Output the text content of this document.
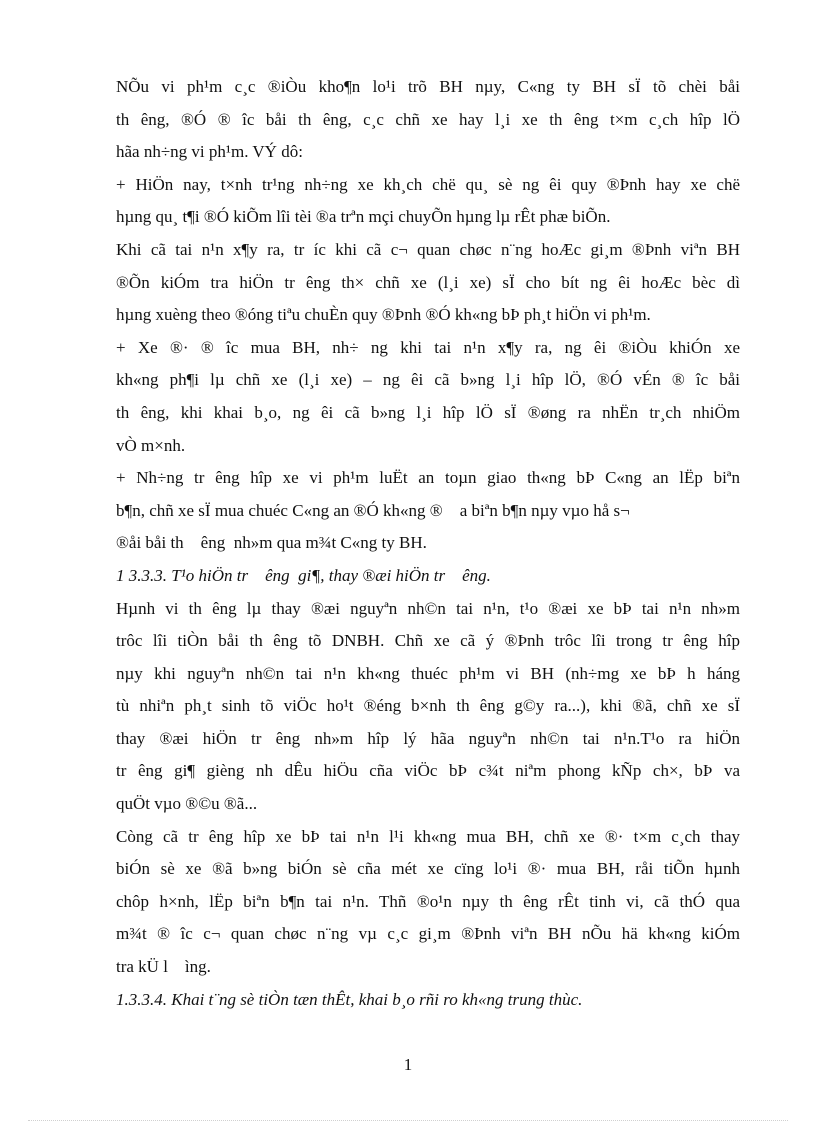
NÕu vi ph¹m c¸c ®iÒu kho¶n lo¹i trõ BH nµy, C«ng ty BH sÏ tõ chèi båi
th êng, ®Ó ® îc båi th êng, c¸c chñ xe hay l¸i xe th êng t×m c¸ch hîp lÖ
hãa nh÷ng vi ph¹m. VÝ dô:
+ HiÖn nay, t×nh tr¹ng nh÷ng xe kh¸ch chë qu¸ sè ng êi quy ®Þnh hay xe chë
hµng qu¸ t¶i ®Ó kiÕm lîi tèi ®a trªn mçi chuyÕn hµng lµ rÊt phæ biÕn.
Khi cã tai n¹n x¶y ra, tr íc khi cã c¬ quan chøc n¨ng hoÆc gi¸m ®Þnh viªn BH
®Õn kiÓm tra hiÖn tr êng th× chñ xe (l¸i xe) sÏ cho bít ng êi hoÆc bèc dì
hµng xuèng theo ®óng tiªu chuÈn quy ®Þnh ®Ó kh«ng bÞ ph¸t hiÖn vi ph¹m.
+ Xe ®· ® îc mua BH, nh÷ ng khi tai n¹n x¶y ra, ng êi ®iÒu khiÓn xe
kh«ng ph¶i lµ chñ xe (l¸i xe) – ng êi cã b»ng l¸i hîp lÖ, ®Ó vÉn ® îc båi
th êng, khi khai b¸o, ng êi cã b»ng l¸i hîp lÖ sÏ ®øng ra nhËn tr¸ch nhiÖm
vÒ m×nh.
+ Nh÷ng tr êng hîp xe vi ph¹m luËt an toµn giao th«ng bÞ C«ng an lËp biªn
b¶n, chñ xe sÏ mua chuéc C«ng an ®Ó kh«ng ®    a biªn b¶n nµy vµo hå s¬
®åi båi th    êng  nh»m qua m¾t C«ng ty BH.
1 3.3.3. T¹o hiÖn tr    êng  gi¶, thay ®æi hiÖn tr    êng.
Hµnh vi th êng lµ thay ®æi nguyªn nh©n tai n¹n, t¹o ®æi xe bÞ tai n¹n nh»m
trôc lîi tiÒn båi th êng tõ DNBH. Chñ xe cã ý ®Þnh trôc lîi trong tr êng hîp
nµy khi nguyªn nh©n tai n¹n kh«ng thuéc ph¹m vi BH (nh÷mg xe bÞ h háng
tù nhiªn ph¸t sinh tõ viÖc ho¹t ®éng b×nh th êng g©y ra...), khi ®ã, chñ xe sÏ
thay ®æi hiÖn tr êng nh»m hîp lý hãa nguyªn nh©n tai n¹n.T¹o ra hiÖn
tr êng gi¶ gièng nh dÊu hiÖu cña viÖc bÞ c¾t niªm phong kÑp ch×, bÞ va
quÖt vµo ®©u ®ã...
Còng cã tr êng hîp xe bÞ tai n¹n l¹i kh«ng mua BH, chñ xe ®· t×m c¸ch thay
biÓn sè xe ®ã b»ng biÓn sè cña mét xe cïng lo¹i ®· mua BH, råi tiÕn hµnh
chôp h×nh, lËp biªn b¶n tai n¹n. Thñ ®o¹n nµy th êng rÊt tinh vi, cã thÓ qua
m¾t ® îc c¬ quan chøc n¨ng vµ c¸c gi¸m ®Þnh viªn BH nÕu hä kh«ng kiÓm
tra kÜ l    ìng.
1.3.3.4. Khai t¨ng sè tiÒn tæn thÊt, khai b¸o rñi ro kh«ng trung thùc.
1
